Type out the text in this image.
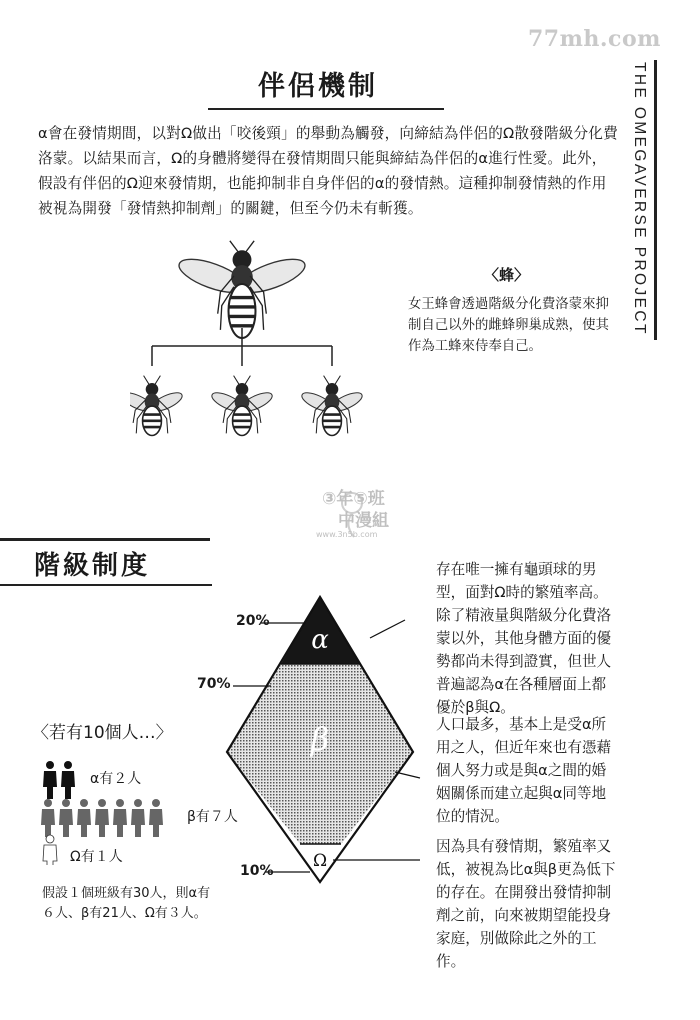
77mh.com
THE OMEGAVERSE PROJECT
伴侶機制
α會在發情期間，以對Ω做出「咬後頸」的舉動為觸發，向締結為伴侶的Ω散發階級分化費洛蒙。以結果而言，Ω的身體將變得在發情期間只能與締結為伴侶的α進行性愛。此外，假設有伴侶的Ω迎來發情期，也能抑制非自身伴侶的α的發情熱。這種抑制發情熱的作用被視為開發「發情熱抑制劑」的關鍵，但至今仍未有斬獲。
〈蜂〉
女王蜂會透過階級分化費洛蒙來抑制自己以外的雌蜂卵巢成熟，使其作為工蜂來侍奉自己。
③年⑤班
中漫組
www.3n5b.com
階級制度
α
β
Ω
20%
70%
10%
〈若有10個人…〉
α有２人
β有７人
Ω有１人
假設１個班級有30人，則α有６人、β有21人、Ω有３人。
存在唯一擁有龜頭球的男型，面對Ω時的繁殖率高。除了精液量與階級分化費洛蒙以外，其他身體方面的優勢都尚未得到證實，但世人普遍認為α在各種層面上都優於β與Ω。
人口最多，基本上是受α所用之人，但近年來也有憑藉個人努力或是與α之間的婚姻關係而建立起與α同等地位的情況。
因為具有發情期，繁殖率又低，被視為比α與β更為低下的存在。在開發出發情抑制劑之前，向來被期望能投身家庭，別做除此之外的工作。
